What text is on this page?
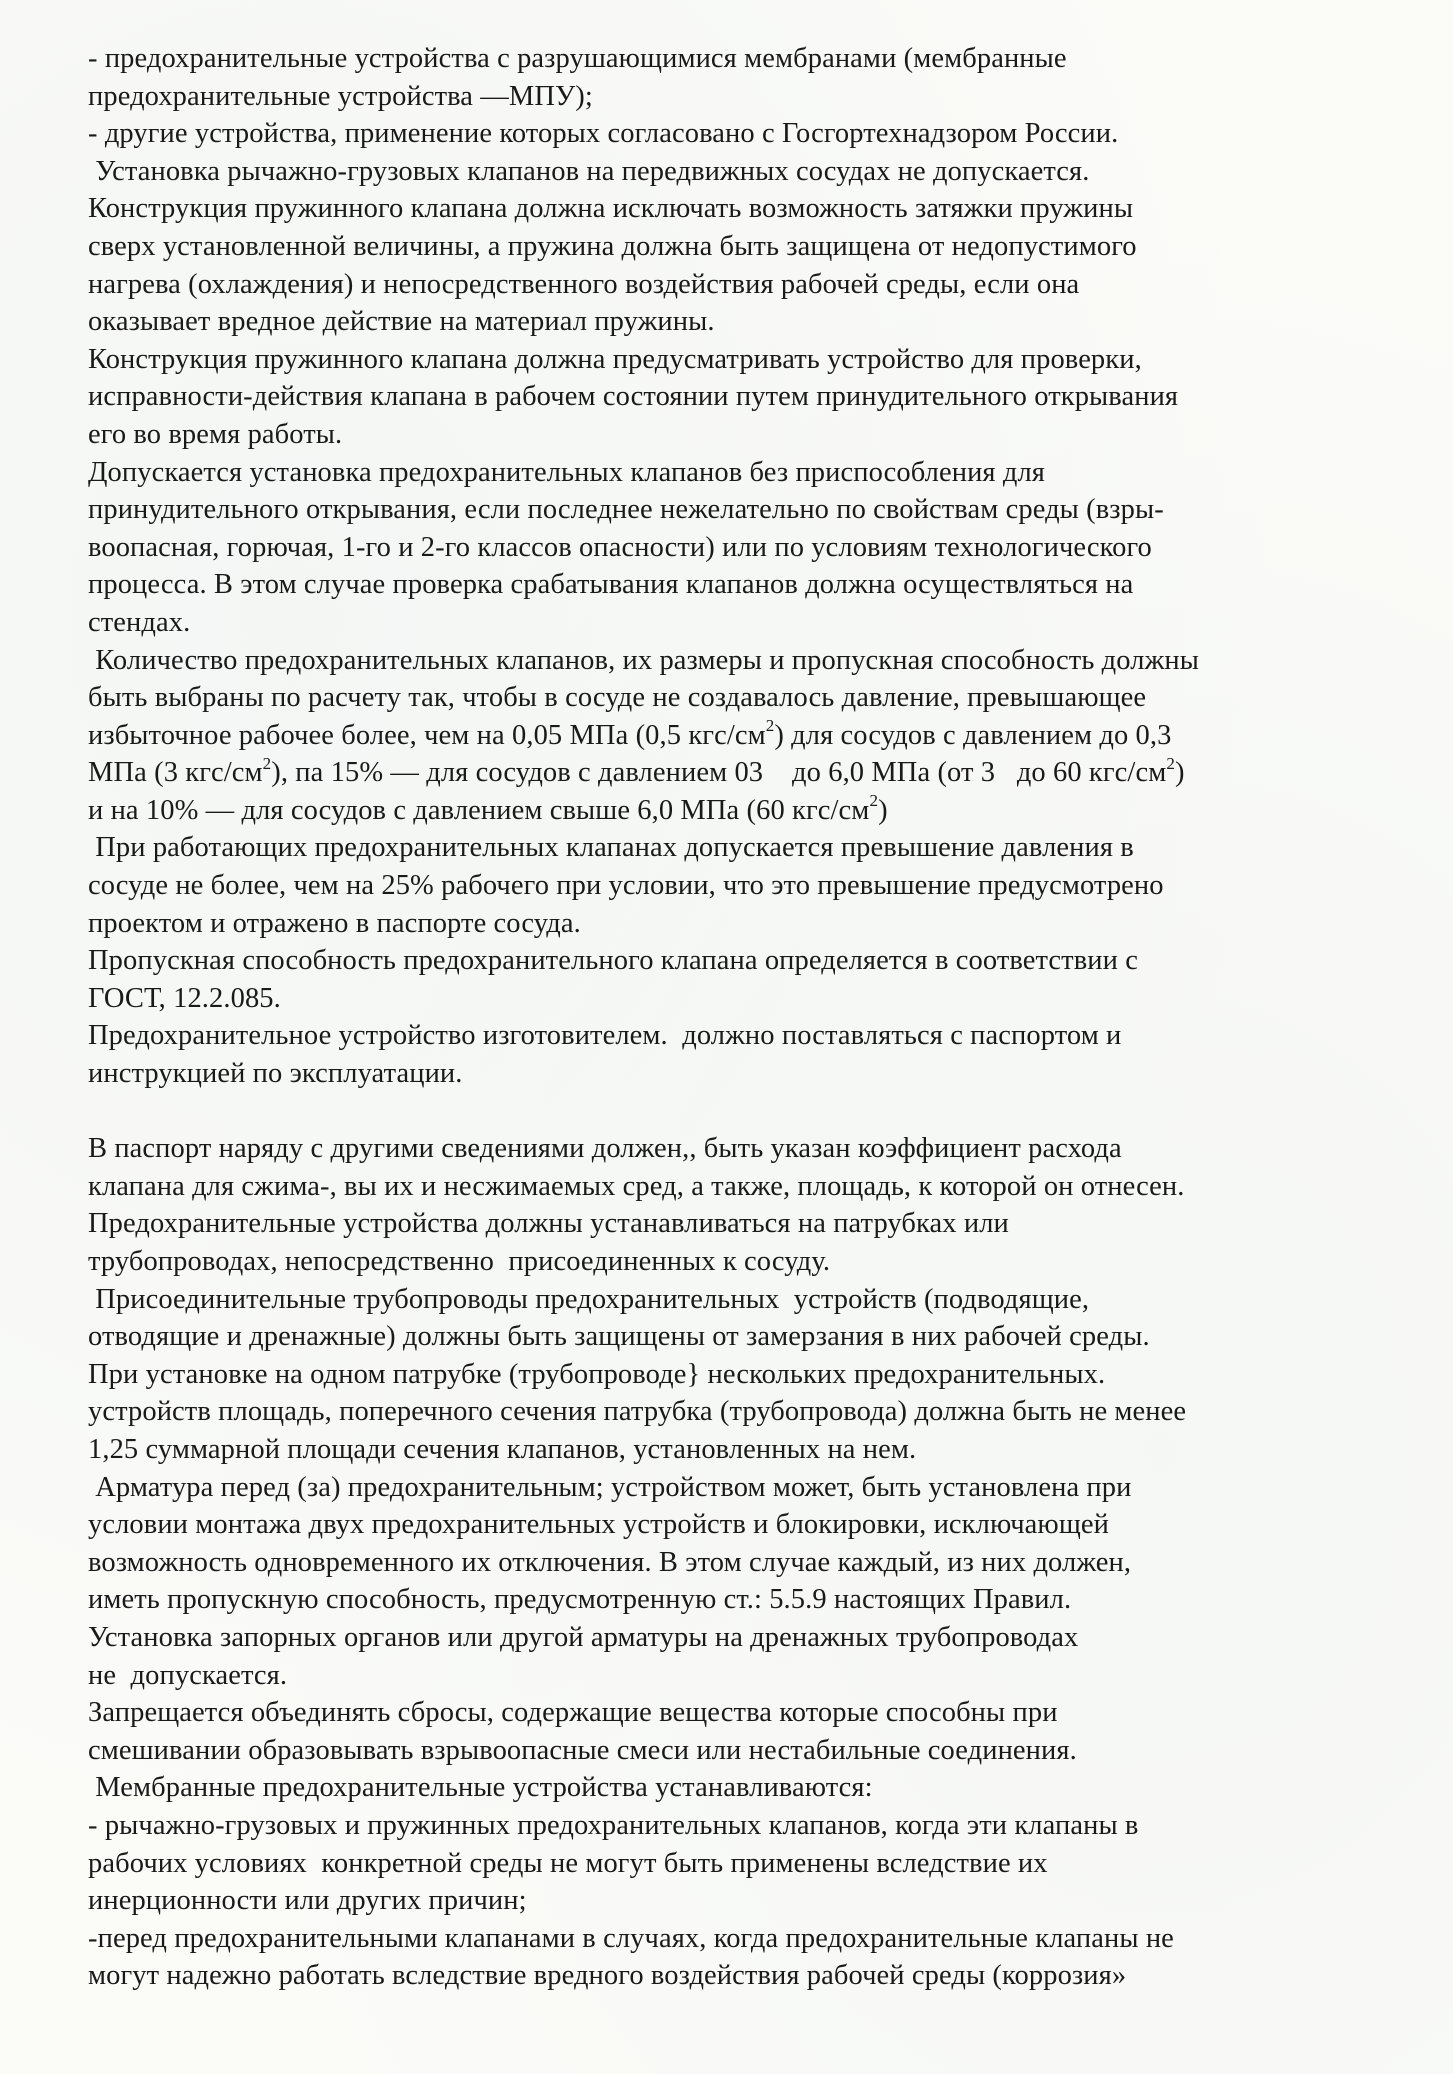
- предохранительные устройства с разрушающимися мембранами (мембранные
предохранительные устройства —МПУ);
- другие устройства, применение которых согласовано с Госгортехнадзором России.
Установка рычажно-грузовых клапанов на передвижных сосудах не допускается.
Конструкция пружинного клапана должна исключать возможность затяжки пружины
сверх установленной величины, а пружина должна быть защищена от недопустимого
нагрева (охлаждения) и непосредственного воздействия рабочей среды, если она
оказывает вредное действие на материал пружины.
Конструкция пружинного клапана должна предусматривать устройство для проверки,
исправности-действия клапана в рабочем состоянии путем принудительного открывания
его во время работы.
Допускается установка предохранительных клапанов без приспособления для
принудительного открывания, если последнее нежелательно по свойствам среды (взры-
воопасная, горючая, 1-го и 2-го классов опасности) или по условиям технологического
процесса. В этом случае проверка срабатывания клапанов должна осуществляться на
стендах.
Количество предохранительных клапанов, их размеры и пропускная способность должны
быть выбраны по расчету так, чтобы в сосуде не создавалось давление, превышающее
избыточное рабочее более, чем на 0,05 МПа (0,5 кгс/$см^2$) для сосудов с давлением до 0,3
МПа (3 кгс/$см^2$), па 15% — для сосудов с давлением 03    до 6,0 МПа (от 3   до 60 кгс/$см^2$)
и на 10% — для сосудов с давлением свыше 6,0 МПа (60 кгс/$см^2$)
При работающих предохранительных клапанах допускается превышение давления в
сосуде не более, чем на 25% рабочего при условии, что это превышение предусмотрено
проектом и отражено в паспорте сосуда.
Пропускная способность предохранительного клапана определяется в соответствии с
ГОСТ, 12.2.085.
Предохранительное устройство изготовителем.  должно поставляться с паспортом и
инструкцией по эксплуатации.
В паспорт наряду с другими сведениями должен,, быть указан коэффициент расхода
клапана для сжима-, вы их и несжимаемых сред, а также, площадь, к которой он отнесен.
Предохранительные устройства должны устанавливаться на патрубках или
трубопроводах, непосредственно  присоединенных к сосуду.
Присоединительные трубопроводы предохранительных  устройств (подводящие,
отводящие и дренажные) должны быть защищены от замерзания в них рабочей среды.
При установке на одном патрубке (трубопроводе} нескольких предохранительных.
устройств площадь, поперечного сечения патрубка (трубопровода) должна быть не менее
1,25 суммарной площади сечения клапанов, установленных на нем.
Арматура перед (за) предохранительным; устройством может, быть установлена при
условии монтажа двух предохранительных устройств и блокировки, исключающей
возможность одновременного их отключения. В этом случае каждый, из них должен,
иметь пропускную способность, предусмотренную ст.: 5.5.9 настоящих Правил.
Установка запорных органов или другой арматуры на дренажных трубопроводах
не  допускается.
Запрещается объединять сбросы, содержащие вещества которые способны при
смешивании образовывать взрывоопасные смеси или нестабильные соединения.
Мембранные предохранительные устройства устанавливаются:
- рычажно-грузовых и пружинных предохранительных клапанов, когда эти клапаны в
рабочих условиях  конкретной среды не могут быть применены вследствие их
инерционности или других причин;
-перед предохранительными клапанами в случаях, когда предохранительные клапаны не
могут надежно работать вследствие вредного воздействия рабочей среды (коррозия»
